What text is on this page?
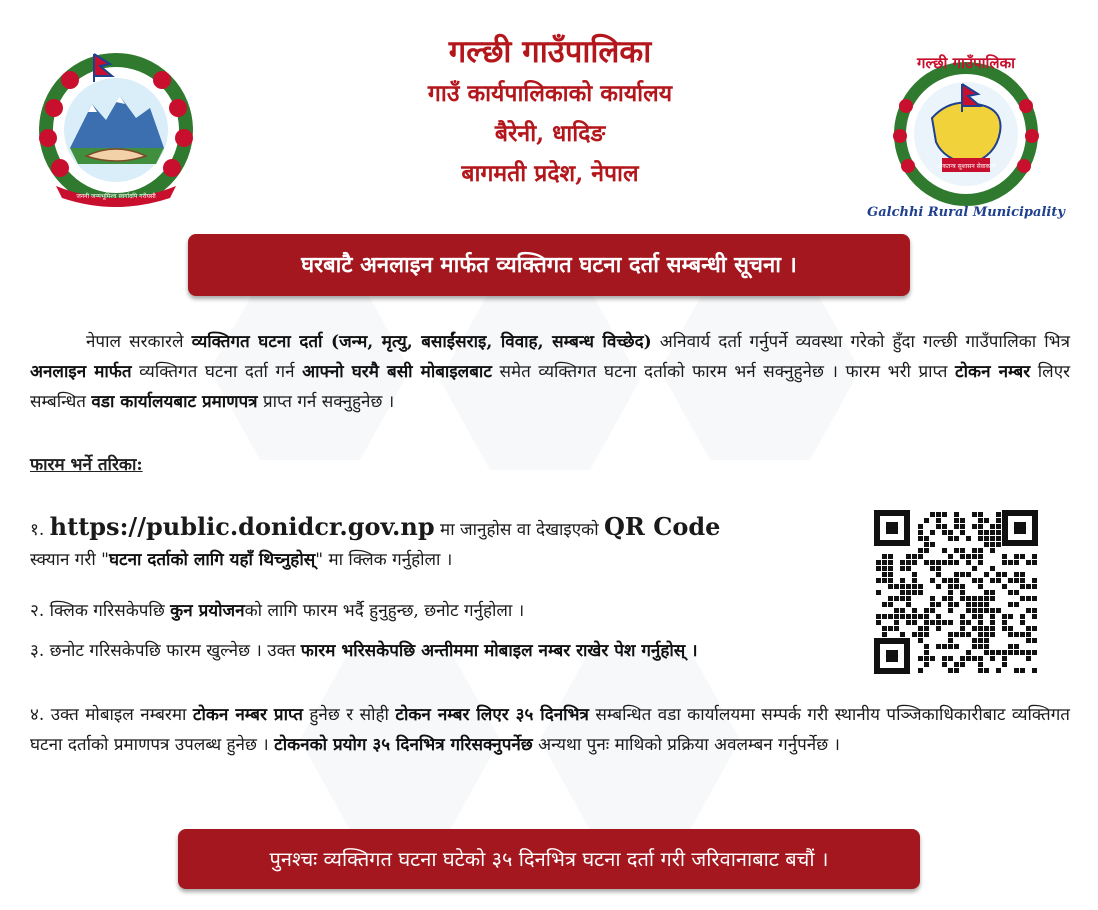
जननी जन्मभूमिश्च स्वर्गादपि गरीयसी
गल्छी गाउँपालिका
गाउँ कार्यपालिकाको कार्यालय
बैरेनी, धादिङ
बागमती प्रदेश, नेपाल	लोकतन्त्र सुशासन सेवाकार्य
गल्छी गाउँपालिका
Galchhi Rural Municipality
घरबाटै अनलाइन मार्फत व्यक्तिगत घटना दर्ता सम्बन्धी सूचना ।
नेपाल सरकारले व्यक्तिगत घटना दर्ता (जन्म, मृत्यु, बसाईंसराइ, विवाह, सम्बन्ध विच्छेद) अनिवार्य दर्ता गर्नुपर्ने व्यवस्था गरेको हुँदा गल्छी गाउँपालिका भित्र अनलाइन मार्फत व्यक्तिगत घटना दर्ता गर्न आफ्नो घरमै बसी मोबाइलबाट समेत व्यक्तिगत घटना दर्ताको फारम भर्न सक्नुहुनेछ । फारम भरी प्राप्त टोकन नम्बर लिएर सम्बन्धित वडा कार्यालयबाट प्रमाणपत्र प्राप्त गर्न सक्नुहुनेछ ।
फारम भर्ने तरिका:
१. https://public.donidcr.gov.np मा जानुहोस वा देखाइएको QR Code
स्क्यान गरी "घटना दर्ताको लागि यहाँ थिच्नुहोस्" मा क्लिक गर्नुहोला ।
२. क्लिक गरिसकेपछि कुन प्रयोजनको लागि फारम भर्दै हुनुहुन्छ, छनोट गर्नुहोला ।
३. छनोट गरिसकेपछि फारम खुल्नेछ । उक्त फारम भरिसकेपछि अन्तीममा मोबाइल नम्बर राखेर पेश गर्नुहोस् ।
४. उक्त मोबाइल नम्बरमा टोकन नम्बर प्राप्त हुनेछ र सोही टोकन नम्बर लिएर ३५ दिनभित्र सम्बन्धित वडा कार्यालयमा सम्पर्क गरी स्थानीय पञ्जिकाधिकारीबाट व्यक्तिगत घटना दर्ताको प्रमाणपत्र उपलब्ध हुनेछ । टोकनको प्रयोग ३५ दिनभित्र गरिसक्नुपर्नेछ अन्यथा पुनः माथिको प्रक्रिया अवलम्बन गर्नुपर्नेछ ।
पुनश्चः व्यक्तिगत घटना घटेको ३५ दिनभित्र घटना दर्ता गरी जरिवानाबाट बचौं ।
